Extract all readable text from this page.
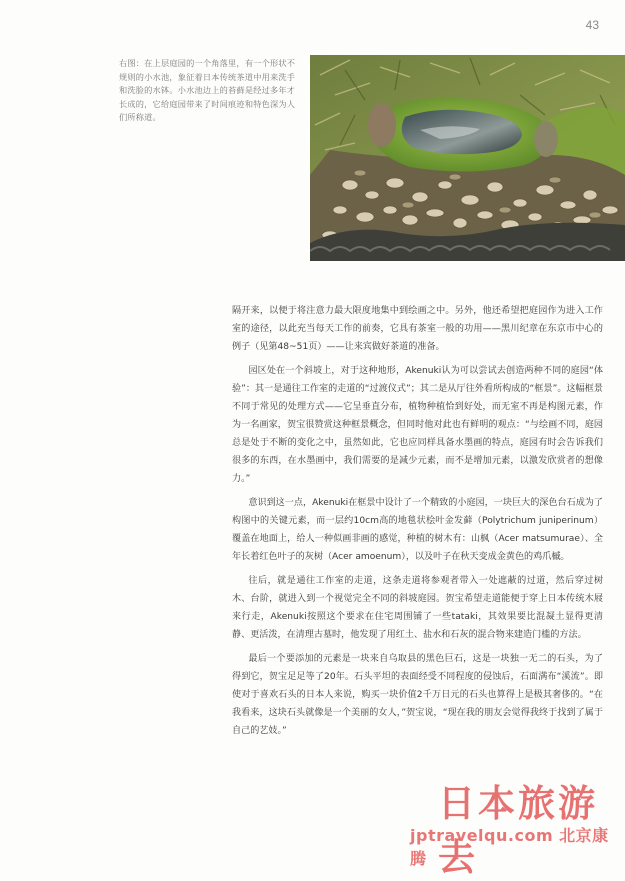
43
右图：在上层庭园的一个角落里，有一个形状不规则的小水池，象征着日本传统茶道中用来洗手和洗脸的水钵。小水池边上的苔藓是经过多年才长成的，它给庭园带来了时间痕迹和特色深为人们所称道。

隔开来，以便于将注意力最大限度地集中到绘画之中。另外，他还希望把庭园作为进入工作室的途径，以此充当每天工作的前奏，它具有茶室一般的功用——黑川纪章在东京市中心的例子（见第48~51页）——让来宾做好茶道的准备。

园区处在一个斜坡上，对于这种地形，Akenuki认为可以尝试去创造两种不同的庭园“体验”：其一是通往工作室的走道的“过渡仪式”；其二是从厅往外看所构成的“框景”。这幅框景不同于常见的处理方式——它呈垂直分布，植物种植恰到好处，而无室不再是构图元素，作为一名画家，贺宝很赞赏这种框景概念，但同时他对此也有鲜明的观点：“与绘画不同，庭园总是处于不断的变化之中，虽然如此，它也应同样具备水墨画的特点，庭园有时会告诉我们很多的东西，在水墨画中，我们需要的是减少元素，而不是增加元素，以激发欣赏者的想像力。”

意识到这一点，Akenuki在框景中设计了一个精致的小庭园，一块巨大的深色台石成为了构图中的关键元素，而一层约10cm高的地毯状桧叶金发藓（Polytrichum juniperinum）覆盖在地面上，给人一种似画非画的感觉，种植的树木有：山枫（Acer matsumurae）、全年长着红色叶子的灰树（Acer amoenum），以及叶子在秋天变成金黄色的鸡爪槭。

往后，就是通往工作室的走道，这条走道将参观者带入一处遮蔽的过道，然后穿过树木、台阶，就进入到一个视觉完全不同的斜坡庭园。贺宝希望走道能便于穿上日本传统木屐来行走，Akenuki按照这个要求在住宅周围铺了一些tataki，其效果要比混凝土显得更清静、更活泼，在清理古墓时，他发现了用红土、盐水和石灰的混合物来建造门槛的方法。

最后一个要添加的元素是一块来自乌取县的黑色巨石，这是一块独一无二的石头，为了得到它，贺宝足足等了20年。石头平坦的表面经受不同程度的侵蚀后，石面满布“溪流”。即使对于喜欢石头的日本人来说，购买一块价值2千万日元的石头也算得上是极其奢侈的。“在我看来，这块石头就像是一个美丽的女人，”贺宝说，“现在我的朋友会觉得我终于找到了属于自己的艺妓。”

日本旅游去
jptravelqu.com 北京康腾
